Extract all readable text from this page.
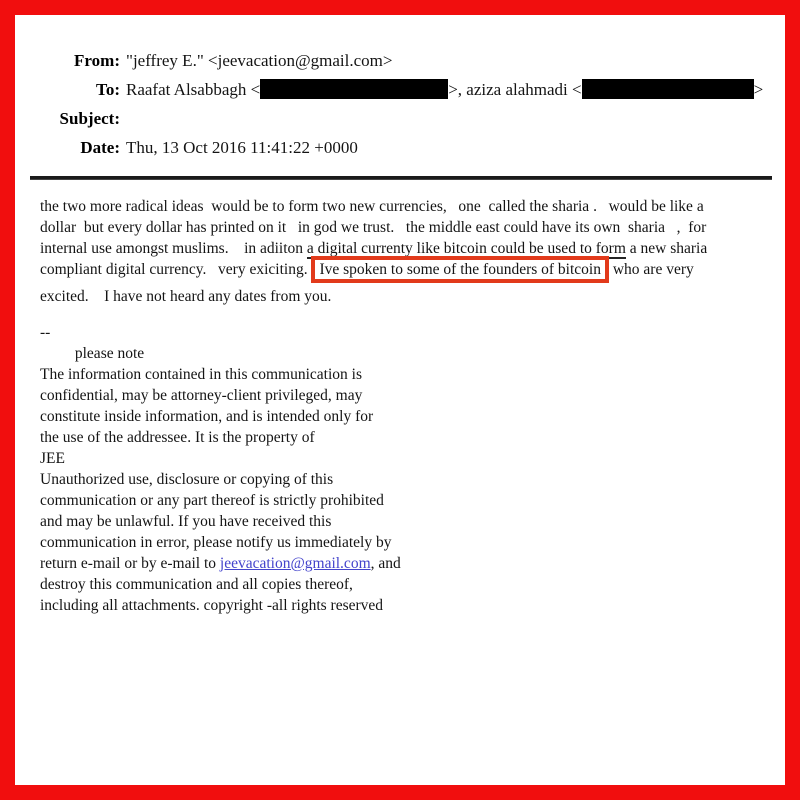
From: "jeffrey E." <jeevacation@gmail.com>
To: Raafat Alsabbagh <	>, aziza alahmadi <	>
Subject:
Date: Thu, 13 Oct 2016 11:41:22 +0000
the two more radical ideas  would be to form two new currencies,   one  called the sharia .   would be like a
dollar  but every dollar has printed on it   in god we trust.   the middle east could have its own  sharia   ,  for
internal use amongst muslims.    in adiiton a digital currenty like bitcoin could be used to form a new sharia
compliant digital currency.   very exiciting. Ive spoken to some of the founders of bitcoin who are very
excited.    I have not heard any dates from you.
--
please note
The information contained in this communication is
confidential, may be attorney-client privileged, may
constitute inside information, and is intended only for
the use of the addressee. It is the property of
JEE
Unauthorized use, disclosure or copying of this
communication or any part thereof is strictly prohibited
and may be unlawful. If you have received this
communication in error, please notify us immediately by
return e-mail or by e-mail to jeevacation@gmail.com, and
destroy this communication and all copies thereof,
including all attachments. copyright -all rights reserved
